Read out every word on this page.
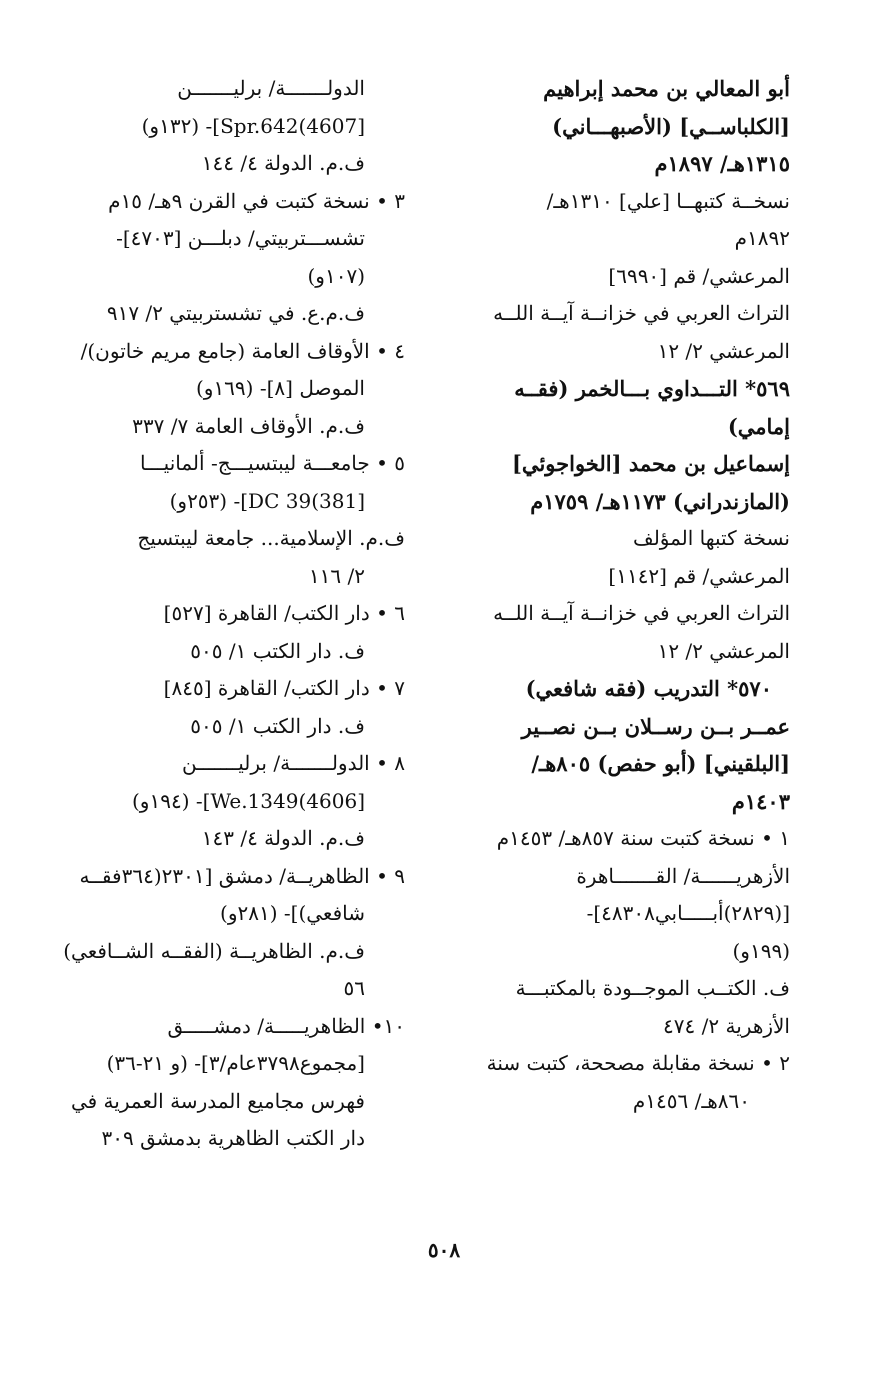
أبو المعالي بن محمد إبراهيم
[الكلباســي] (الأصبهـــاني)
١٣١٥هـ/ ١٨٩٧م
نسخــة كتبهــا [علي] ١٣١٠هـ/
١٨٩٢م
المرعشي/ قم [٦٩٩٠]
التراث العربي في خزانــة آيــة اللــه
المرعشي ٢/ ١٢
٥٦٩* التـــداوي بـــالخمر (فقــه
إمامي)
إسماعيل بن محمد [الخواجوئي]
(المازندراني) ١١٧٣هـ/ ١٧٥٩م
نسخة كتبها المؤلف
المرعشي/ قم [١١٤٢]
التراث العربي في خزانــة آيــة اللــه
المرعشي ٢/ ١٢
٥٧٠* التدريب (فقه شافعي)
عمــر بــن رســلان بــن نصــير
[البلقيني] (أبو حفص) ٨٠٥هـ/
١٤٠٣م
١ • نسخة كتبت سنة ٨٥٧هـ/ ١٤٥٣م
الأزهريــــــة/ القـــــــاهرة
[(٢٨٢٩)أبـــــابي٤٨٣٠٨]-
(١٩٩و)
ف. الكتــب الموجــودة بالمكتبـــة
الأزهرية ٢/ ٤٧٤
٢ • نسخة مقابلة مصححة، كتبت سنة
٨٦٠هـ/ ١٤٥٦م
الدولـــــــة/ برليـــــــن
[4607)Spr.642]- (١٣٢و)
ف.م. الدولة ٤/ ١٤٤
٣ • نسخة كتبت في القرن ٩هـ/ ١٥م
تشســـتربيتي/ دبلـــن [٤٧٠٣]-
(١٠٧و)
ف.م.ع. في تشستربيتي ٢/ ٩١٧
٤ • الأوقاف العامة (جامع مريم خاتون)/
الموصل [٨]- (١٦٩و)
ف.م. الأوقاف العامة ٧/ ٣٣٧
٥ • جامعـــة ليبتسيـــج- ألمانيـــا
[381)DC 39]- (٢٥٣و)
ف.م. الإسلامية... جامعة ليبتسيج
٢/ ١١٦
٦ • دار الكتب/ القاهرة [٥٢٧]
ف. دار الكتب ١/ ٥٠٥
٧ • دار الكتب/ القاهرة [٨٤٥]
ف. دار الكتب ١/ ٥٠٥
٨ • الدولـــــــة/ برليـــــــن
[4606)We.1349]- (١٩٤و)
ف.م. الدولة ٤/ ١٤٣
٩ • الظاهريــة/ دمشق [٢٣٠١(٣٦٤فقــه
شافعي)]- (٢٨١و)
ف.م. الظاهريــة (الفقــه الشــافعي)
٥٦
١٠• الظاهريـــــة/ دمشـــــق
[مجموع٣٧٩٨عام/٣]- (و ٢١-٣٦)
فهرس مجاميع المدرسة العمرية في
دار الكتب الظاهرية بدمشق ٣٠٩
٥٠٨
